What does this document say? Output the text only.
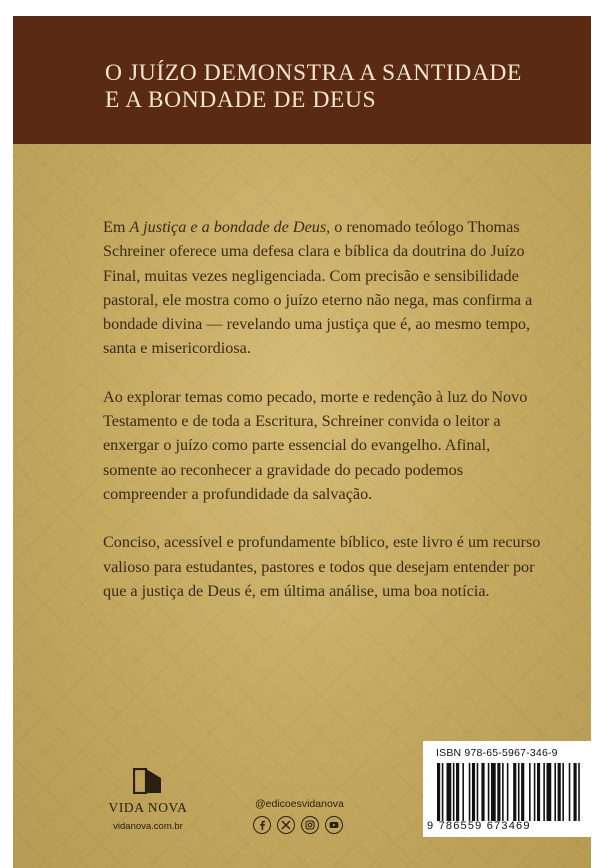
O JUÍZO DEMONSTRA A SANTIDADE
E A BONDADE DE DEUS

Em A justiça e a bondade de Deus, o renomado teólogo Thomas Schreiner oferece uma defesa clara e bíblica da doutrina do Juízo Final, muitas vezes negligenciada. Com precisão e sensibilidade pastoral, ele mostra como o juízo eterno não nega, mas confirma a bondade divina — revelando uma justiça que é, ao mesmo tempo, santa e misericordiosa.

Ao explorar temas como pecado, morte e redenção à luz do Novo Testamento e de toda a Escritura, Schreiner convida o leitor a enxergar o juízo como parte essencial do evangelho. Afinal, somente ao reconhecer a gravidade do pecado podemos compreender a profundidade da salvação.

Conciso, acessível e profundamente bíblico, este livro é um recurso valioso para estudantes, pastores e todos que desejam entender por que a justiça de Deus é, em última análise, uma boa notícia.

VIDA NOVA
vidanova.com.br
@edicoesvidanova
ISBN 978-65-5967-346-9
9 786559 673469
